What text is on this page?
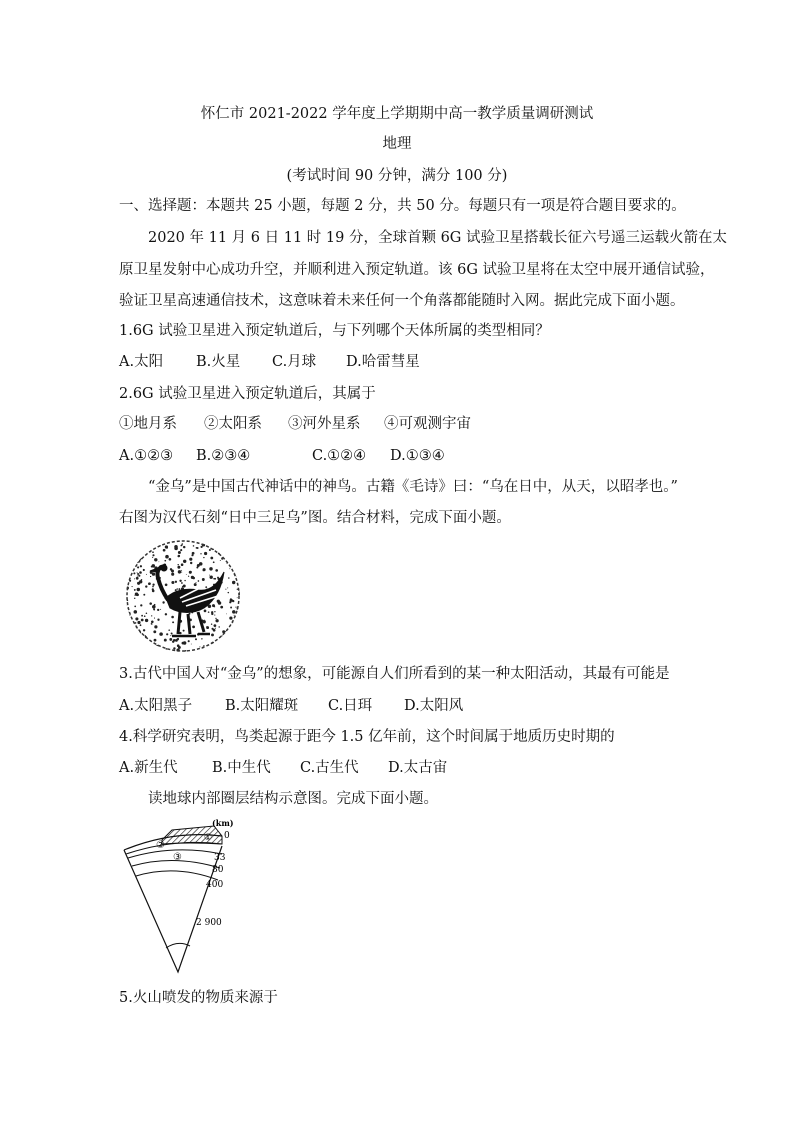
怀仁市 2021-2022 学年度上学期期中高一教学质量调研测试
地理
(考试时间 90 分钟，满分 100 分)
一、选择题：本题共 25 小题，每题 2 分，共 50 分。每题只有一项是符合题目要求的。
2020 年 11 月 6 日 11 时 19 分，全球首颗 6G 试验卫星搭载长征六号遥三运载火箭在太
原卫星发射中心成功升空，并顺利进入预定轨道。该 6G 试验卫星将在太空中展开通信试验，
验证卫星高速通信技术，这意味着未来任何一个角落都能随时入网。据此完成下面小题。
1.6G 试验卫星进入预定轨道后，与下列哪个天体所属的类型相同？
A.太阳 B.火星 C.月球 D.哈雷彗星
2.6G 试验卫星进入预定轨道后，其属于
①地月系 ②太阳系 ③河外星系 ④可观测宇宙
A.①②③ B.②③④	C.①②④ D.①③④
“金乌”是中国古代神话中的神鸟。古籍《毛诗》曰：“乌在日中，从天，以昭孝也。”
右图为汉代石刻“日中三足乌”图。结合材料，完成下面小题。
3.古代中国人对“金乌”的想象，可能源自人们所看到的某一种太阳活动，其最有可能是
A.太阳黑子 B.太阳耀斑 C.日珥 D.太阳风
4.科学研究表明，鸟类起源于距今 1.5 亿年前，这个时间属于地质历史时期的
A.新生代 B.中生代 C.古生代 D.太古宙
读地球内部圈层结构示意图。完成下面小题。
②
③
①
(km)
0
33
80
400
2 900
5.火山喷发的物质来源于
